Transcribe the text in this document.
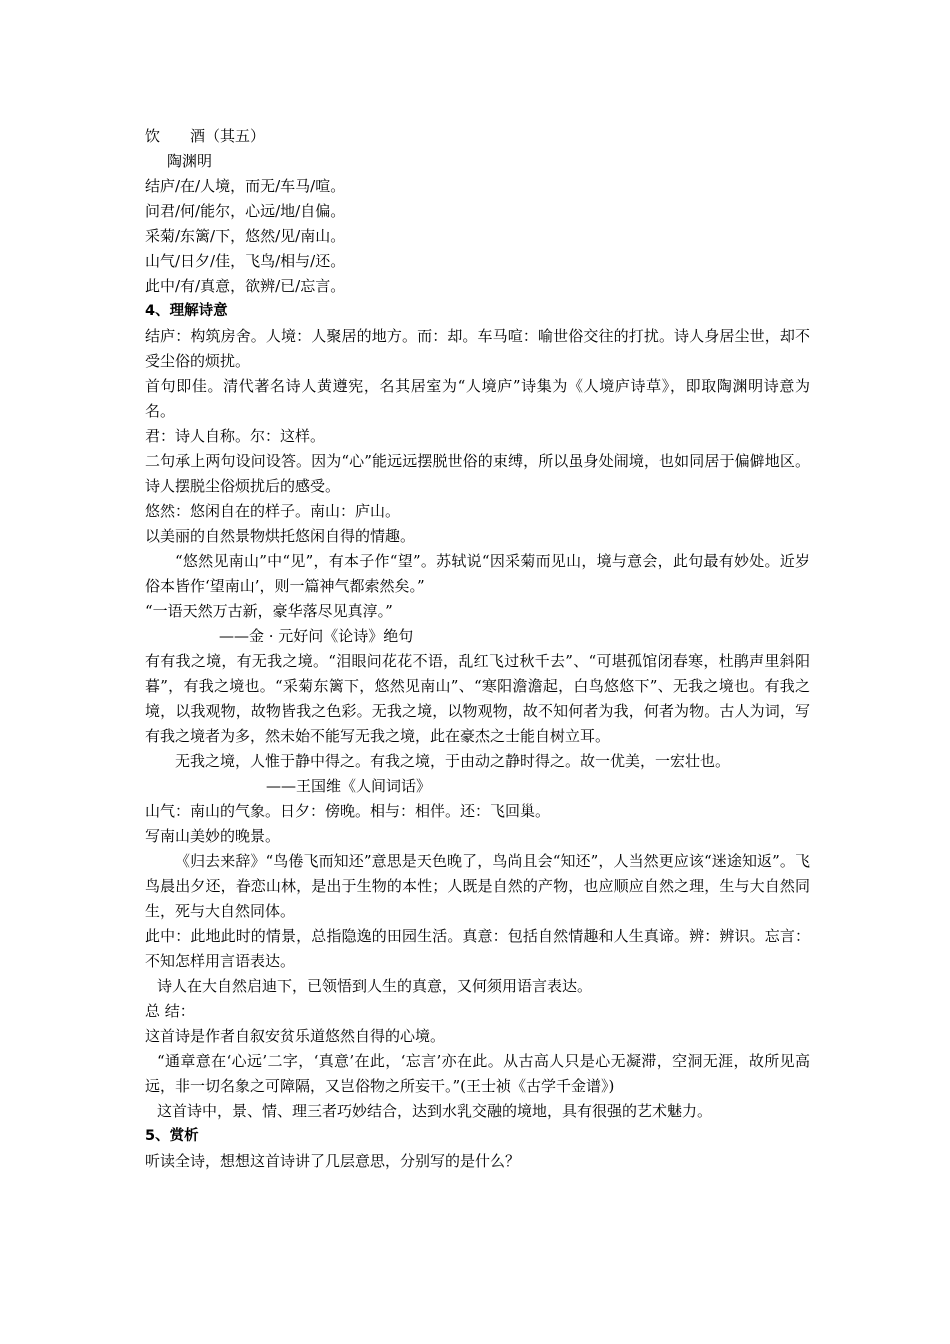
饮　　酒（其五）

陶渊明

结庐/在/人境，而无/车马/喧。

问君/何/能尔，心远/地/自偏。

采菊/东篱/下，悠然/见/南山。

山气/日夕/佳，飞鸟/相与/还。

此中/有/真意，欲辨/已/忘言。

4、理解诗意

结庐：构筑房舍。人境：人聚居的地方。而：却。车马喧：喻世俗交往的打扰。诗人身居尘世，却不受尘俗的烦扰。

首句即佳。清代著名诗人黄遵宪，名其居室为“人境庐”诗集为《人境庐诗草》，即取陶渊明诗意为名。

君：诗人自称。尔：这样。

二句承上两句设问设答。因为“心”能远远摆脱世俗的束缚，所以虽身处闹境，也如同居于偏僻地区。诗人摆脱尘俗烦扰后的感受。

悠然：悠闲自在的样子。南山：庐山。

以美丽的自然景物烘托悠闲自得的情趣。

“悠然见南山”中“见”，有本子作“望”。苏轼说“因采菊而见山，境与意会，此句最有妙处。近岁俗本皆作‘望南山’，则一篇神气都索然矣。”

“一语天然万古新，豪华落尽见真淳。”

——金 · 元好问《论诗》绝句

有有我之境，有无我之境。“泪眼问花花不语，乱红飞过秋千去”、“可堪孤馆闭春寒，杜鹃声里斜阳暮”，有我之境也。“采菊东篱下，悠然见南山”、“寒阳澹澹起，白鸟悠悠下”、无我之境也。有我之境，以我观物，故物皆我之色彩。无我之境，以物观物，故不知何者为我，何者为物。古人为词，写有我之境者为多，然未始不能写无我之境，此在豪杰之士能自树立耳。

无我之境，人惟于静中得之。有我之境，于由动之静时得之。故一优美，一宏壮也。

——王国维《人间词话》

山气：南山的气象。日夕：傍晚。相与：相伴。还：飞回巢。

写南山美妙的晚景。

《归去来辞》“鸟倦飞而知还”意思是天色晚了，鸟尚且会“知还”，人当然更应该“迷途知返”。飞鸟晨出夕还，眷恋山林，是出于生物的本性；人既是自然的产物，也应顺应自然之理，生与大自然同生，死与大自然同体。

此中：此地此时的情景，总指隐逸的田园生活。真意：包括自然情趣和人生真谛。辨：辨识。忘言：不知怎样用言语表达。

诗人在大自然启迪下，已领悟到人生的真意，又何须用语言表达。

总 结：

这首诗是作者自叙安贫乐道悠然自得的心境。

“通章意在‘心远’二字，‘真意’在此，‘忘言’亦在此。从古高人只是心无凝滞，空洞无涯，故所见高远，非一切名象之可障隔，又岂俗物之所妄干。”(王士祯《古学千金谱》)

这首诗中，景、情、理三者巧妙结合，达到水乳交融的境地，具有很强的艺术魅力。

5、赏析

听读全诗，想想这首诗讲了几层意思，分别写的是什么？
